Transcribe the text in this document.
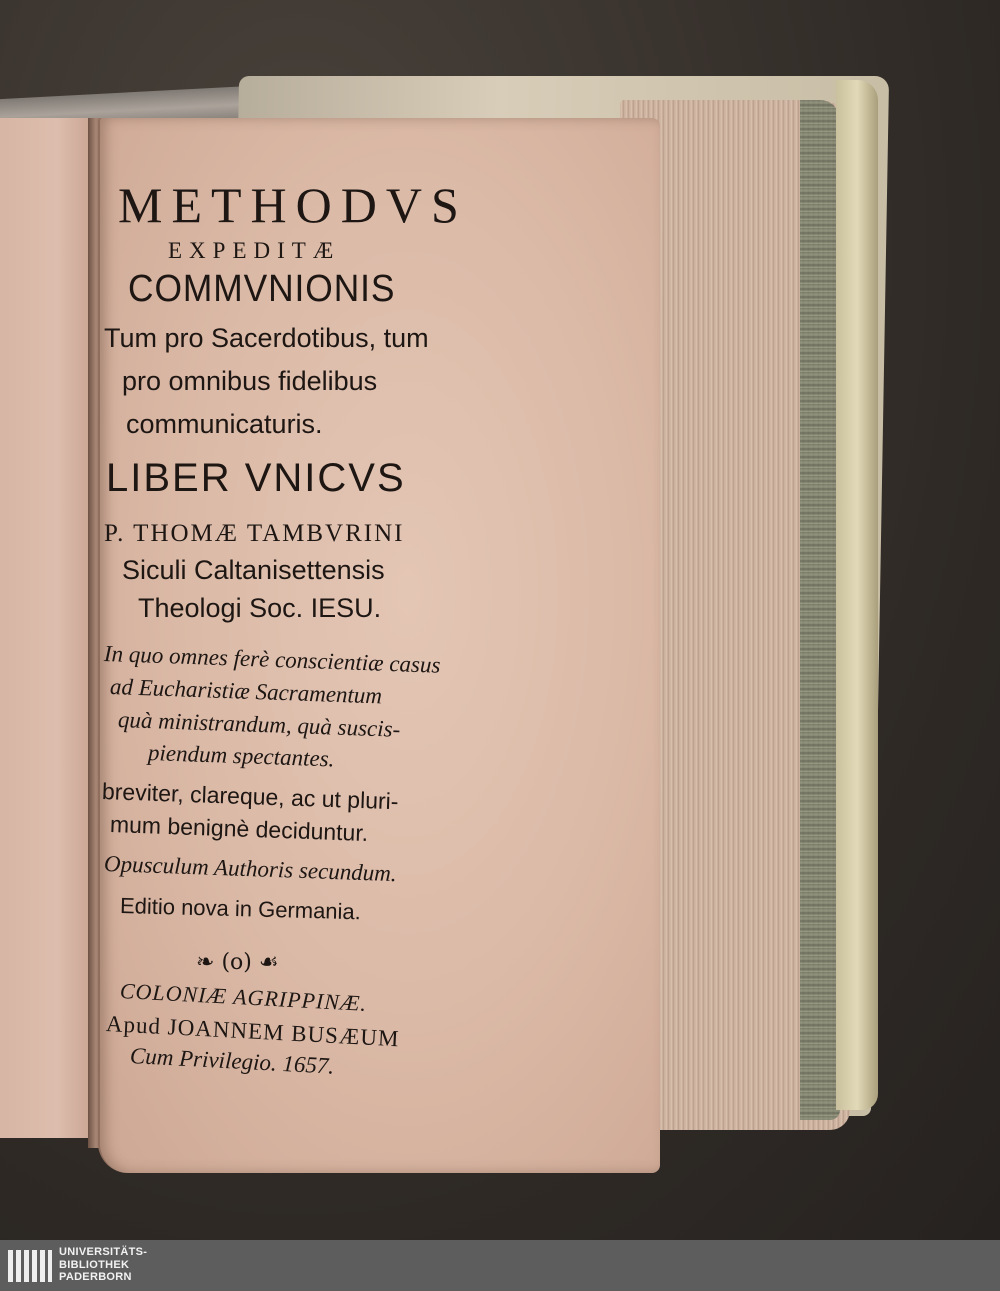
METHODVS
EXPEDITÆ
COMMVNIONIS
Tum pro Sacerdotibus, tum
pro omnibus fidelibus
communicaturis.
LIBER VNICVS
P. THOMÆ TAMBVRINI
Siculi Caltanisettensis
Theologi Soc. IESU.
In quo omnes ferè conscientiæ casus
ad Eucharistiæ Sacramentum
quà ministrandum, quà suscis-
piendum spectantes.
breviter, clareque, ac ut pluri-
mum benignè deciduntur.
Opusculum Authoris secundum.
Editio nova in Germania.
❧ (o) ☙
COLONIÆ AGRIPPINÆ.
Apud JOANNEM BUSÆUM
Cum Privilegio. 1657.
UNIVERSITÄTS-
BIBLIOTHEK
PADERBORN
